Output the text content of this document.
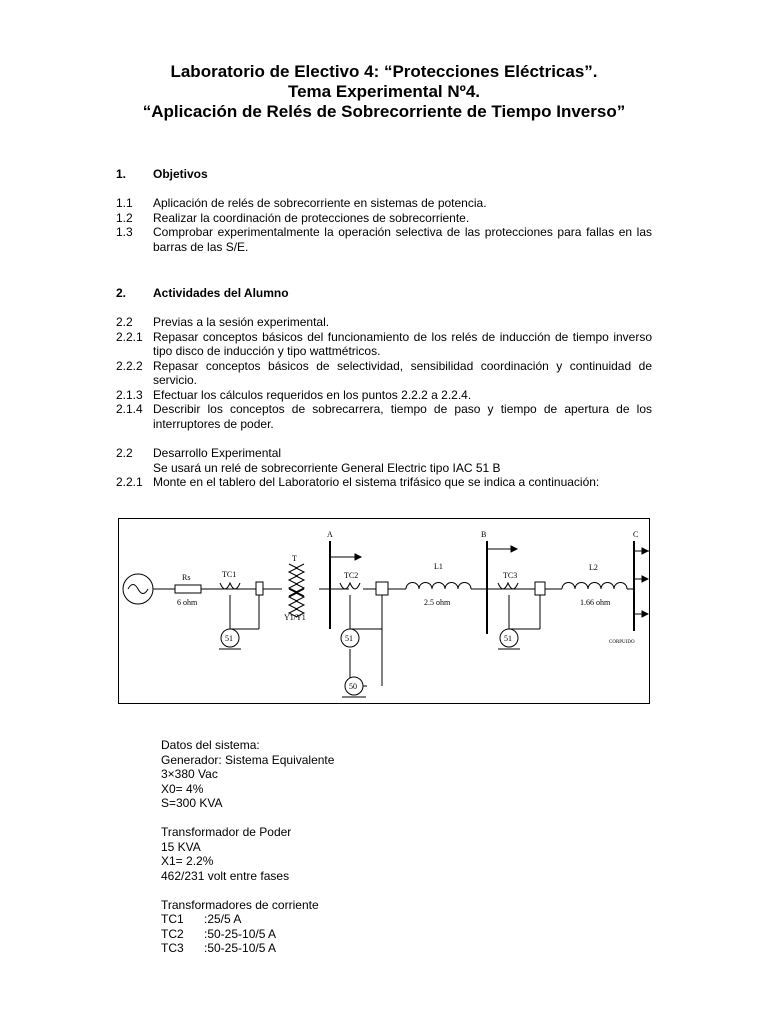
Laboratorio de Electivo 4: “Protecciones Eléctricas”.
Tema Experimental Nº4.
“Aplicación de Relés de Sobrecorriente de Tiempo Inverso”
1. Objetivos
1.1	Aplicación de relés de sobrecorriente en sistemas de potencia.
1.2	Realizar la coordinación de protecciones de sobrecorriente.
1.3	Comprobar experimentalmente la operación selectiva de las protecciones para fallas en las barras de las S/E.
2. Actividades del Alumno
2.2	Previas a la sesión experimental.
2.2.1 Repasar conceptos básicos del funcionamiento de los relés de inducción de tiempo inverso tipo disco de inducción y tipo wattmétricos.
2.2.2 Repasar conceptos básicos de selectividad, sensibilidad coordinación y continuidad de servicio.
2.1.3 Efectuar los cálculos requeridos en los puntos 2.2.2 a 2.2.4.
2.1.4 Describir los conceptos de sobrecarrera, tiempo de paso y tiempo de apertura de los interruptores de poder.
2.2	Desarrollo Experimental
Se usará un relé de sobrecorriente General Electric tipo IAC 51 B
2.2.1 Monte en el tablero del Laboratorio el sistema trifásico que se indica a continuación:
Rs
6 ohm
TC1
T
Y1/Y1
A
TC2
L1
2.5 ohm
B
TC3
L2
1.66 ohm
C
51	51
50
51	CORPUIDO
Datos del sistema:
Generador: Sistema Equivalente
3×380 Vac
X0= 4%
S=300 KVA
Transformador de Poder
15 KVA
X1= 2.2%
462/231 volt entre fases
Transformadores de corriente
TC1	:25/5 A
TC2	:50-25-10/5 A
TC3	:50-25-10/5 A
